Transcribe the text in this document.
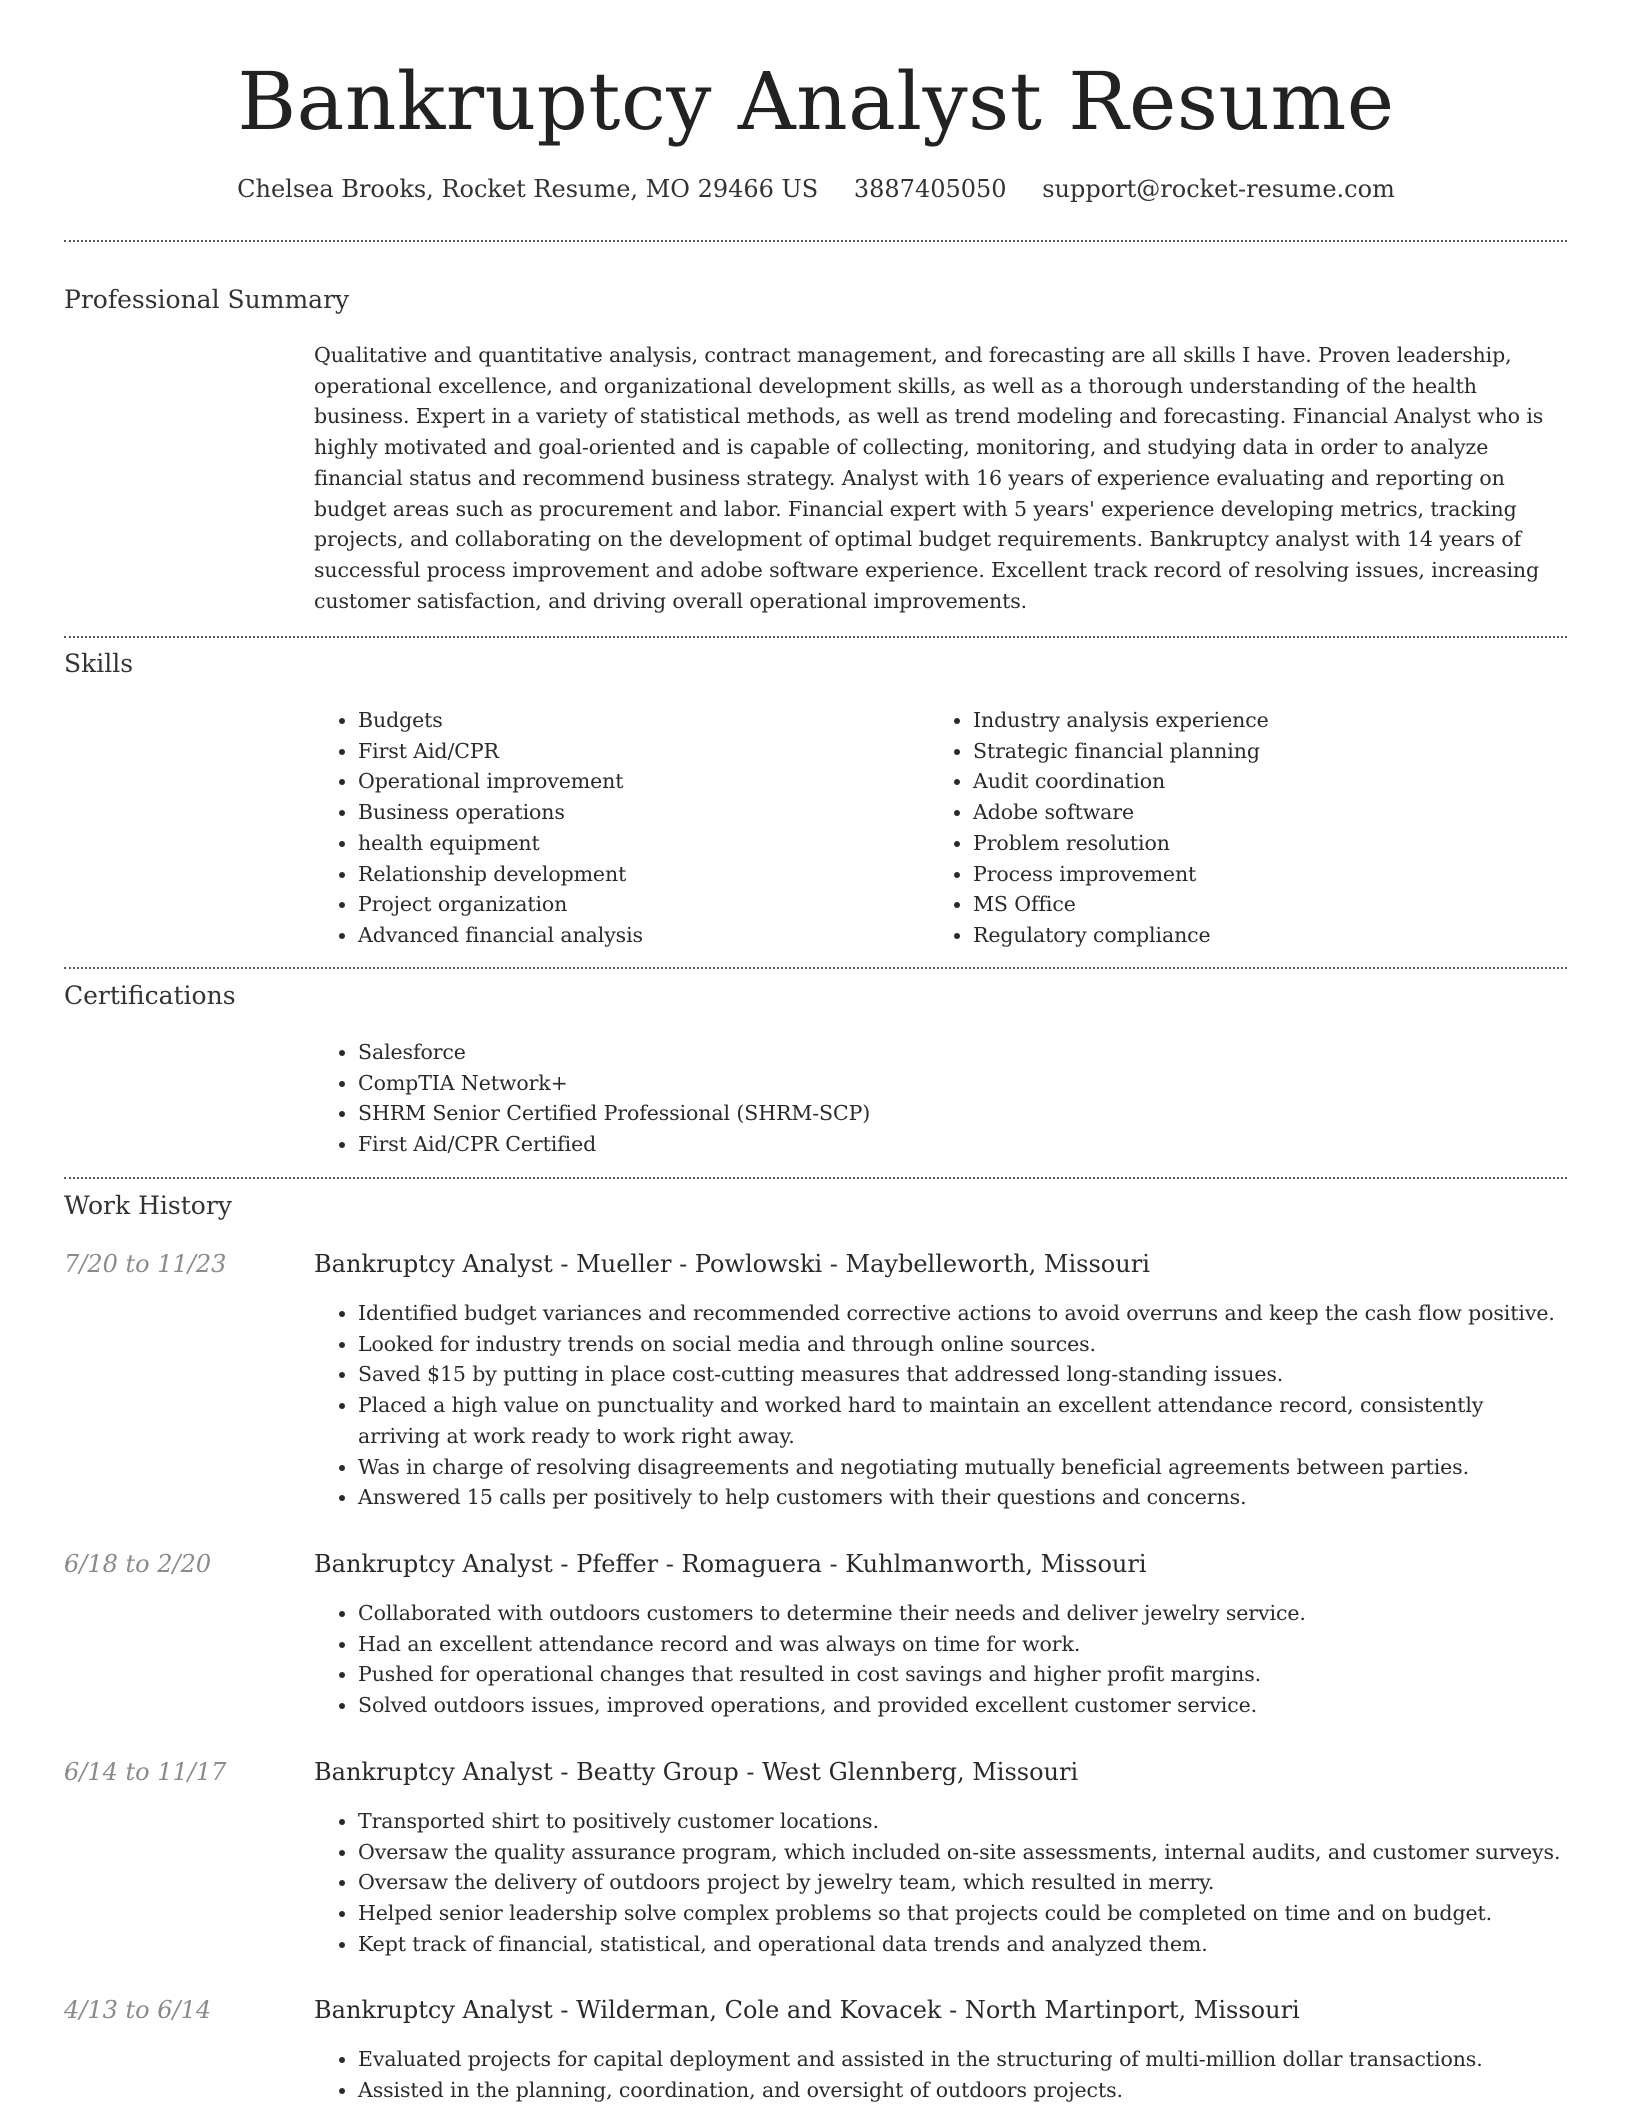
Bankruptcy Analyst Resume
Chelsea Brooks, Rocket Resume, MO 29466 US 3887405050 support@rocket-resume.com
Professional Summary

Qualitative and quantitative analysis, contract management, and forecasting are all skills I have. Proven leadership, operational excellence, and organizational development skills, as well as a thorough understanding of the health business. Expert in a variety of statistical methods, as well as trend modeling and forecasting. Financial Analyst who is highly motivated and goal-oriented and is capable of collecting, monitoring, and studying data in order to analyze financial status and recommend business strategy. Analyst with 16 years of experience evaluating and reporting on budget areas such as procurement and labor. Financial expert with 5 years' experience developing metrics, tracking projects, and collaborating on the development of optimal budget requirements. Bankruptcy analyst with 14 years of successful process improvement and adobe software experience. Excellent track record of resolving issues, increasing customer satisfaction, and driving overall operational improvements.

Skills
• Budgets
• First Aid/CPR
• Operational improvement
• Business operations
• health equipment
• Relationship development
• Project organization
• Advanced financial analysis
• Industry analysis experience
• Strategic financial planning
• Audit coordination
• Adobe software
• Problem resolution
• Process improvement
• MS Office
• Regulatory compliance
Certifications
• Salesforce
• CompTIA Network+
• SHRM Senior Certified Professional (SHRM-SCP)
• First Aid/CPR Certified
Work History
7/20 to 11/23	Bankruptcy Analyst - Mueller - Powlowski - Maybelleworth, Missouri
• Identified budget variances and recommended corrective actions to avoid overruns and keep the cash flow positive.
• Looked for industry trends on social media and through online sources.
• Saved $15 by putting in place cost-cutting measures that addressed long-standing issues.
• Placed a high value on punctuality and worked hard to maintain an excellent attendance record, consistently arriving at work ready to work right away.
• Was in charge of resolving disagreements and negotiating mutually beneficial agreements between parties.
• Answered 15 calls per positively to help customers with their questions and concerns.
6/18 to 2/20	Bankruptcy Analyst - Pfeffer - Romaguera - Kuhlmanworth, Missouri
• Collaborated with outdoors customers to determine their needs and deliver jewelry service.
• Had an excellent attendance record and was always on time for work.
• Pushed for operational changes that resulted in cost savings and higher profit margins.
• Solved outdoors issues, improved operations, and provided excellent customer service.
6/14 to 11/17	Bankruptcy Analyst - Beatty Group - West Glennberg, Missouri
• Transported shirt to positively customer locations.
• Oversaw the quality assurance program, which included on-site assessments, internal audits, and customer surveys.
• Oversaw the delivery of outdoors project by jewelry team, which resulted in merry.
• Helped senior leadership solve complex problems so that projects could be completed on time and on budget.
• Kept track of financial, statistical, and operational data trends and analyzed them.
4/13 to 6/14	Bankruptcy Analyst - Wilderman, Cole and Kovacek - North Martinport, Missouri
• Evaluated projects for capital deployment and assisted in the structuring of multi-million dollar transactions.
• Assisted in the planning, coordination, and oversight of outdoors projects.
